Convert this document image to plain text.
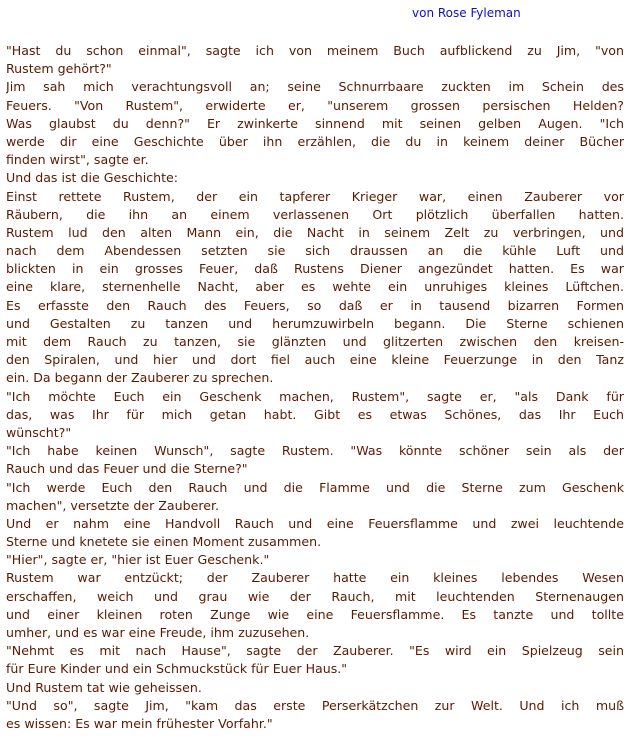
von Rose Fyleman
"Hast du schon einmal", sagte ich von meinem Buch aufblickend zu Jim, "von
Rustem gehört?"
Jim sah mich verachtungsvoll an; seine Schnurrbaare zuckten im Schein des
Feuers. "Von Rustem", erwiderte er, "unserem grossen persischen Helden?
Was glaubst du denn?" Er zwinkerte sinnend mit seinen gelben Augen. "Ich
werde dir eine Geschichte über ihn erzählen, die du in keinem deiner Bücher
finden wirst", sagte er.
Und das ist die Geschichte:
Einst rettete Rustem, der ein tapferer Krieger war, einen Zauberer vor
Räubern, die ihn an einem verlassenen Ort plötzlich überfallen hatten.
Rustem lud den alten Mann ein, die Nacht in seinem Zelt zu verbringen, und
nach dem Abendessen setzten sie sich draussen an die kühle Luft und
blickten in ein grosses Feuer, daß Rustens Diener angezündet hatten. Es war
eine klare, sternenhelle Nacht, aber es wehte ein unruhiges kleines Lüftchen.
Es erfasste den Rauch des Feuers, so daß er in tausend bizarren Formen
und Gestalten zu tanzen und herumzuwirbeln begann. Die Sterne schienen
mit dem Rauch zu tanzen, sie glänzten und glitzerten zwischen den kreisen-
den Spiralen, und hier und dort fiel auch eine kleine Feuerzunge in den Tanz
ein. Da begann der Zauberer zu sprechen.
"Ich möchte Euch ein Geschenk machen, Rustem", sagte er, "als Dank für
das, was Ihr für mich getan habt. Gibt es etwas Schönes, das Ihr Euch
wünscht?"
"Ich habe keinen Wunsch", sagte Rustem. "Was könnte schöner sein als der
Rauch und das Feuer und die Sterne?"
"Ich werde Euch den Rauch und die Flamme und die Sterne zum Geschenk
machen", versetzte der Zauberer.
Und er nahm eine Handvoll Rauch und eine Feuersflamme und zwei leuchtende
Sterne und knetete sie einen Moment zusammen.
"Hier", sagte er, "hier ist Euer Geschenk."
Rustem war entzückt; der Zauberer hatte ein kleines lebendes Wesen
erschaffen, weich und grau wie der Rauch, mit leuchtenden Sternenaugen
und einer kleinen roten Zunge wie eine Feuersflamme. Es tanzte und tollte
umher, und es war eine Freude, ihm zuzusehen.
"Nehmt es mit nach Hause", sagte der Zauberer. "Es wird ein Spielzeug sein
für Eure Kinder und ein Schmuckstück für Euer Haus."
Und Rustem tat wie geheissen.
"Und so", sagte Jim, "kam das erste Perserkätzchen zur Welt. Und ich muß
es wissen: Es war mein frühester Vorfahr."
